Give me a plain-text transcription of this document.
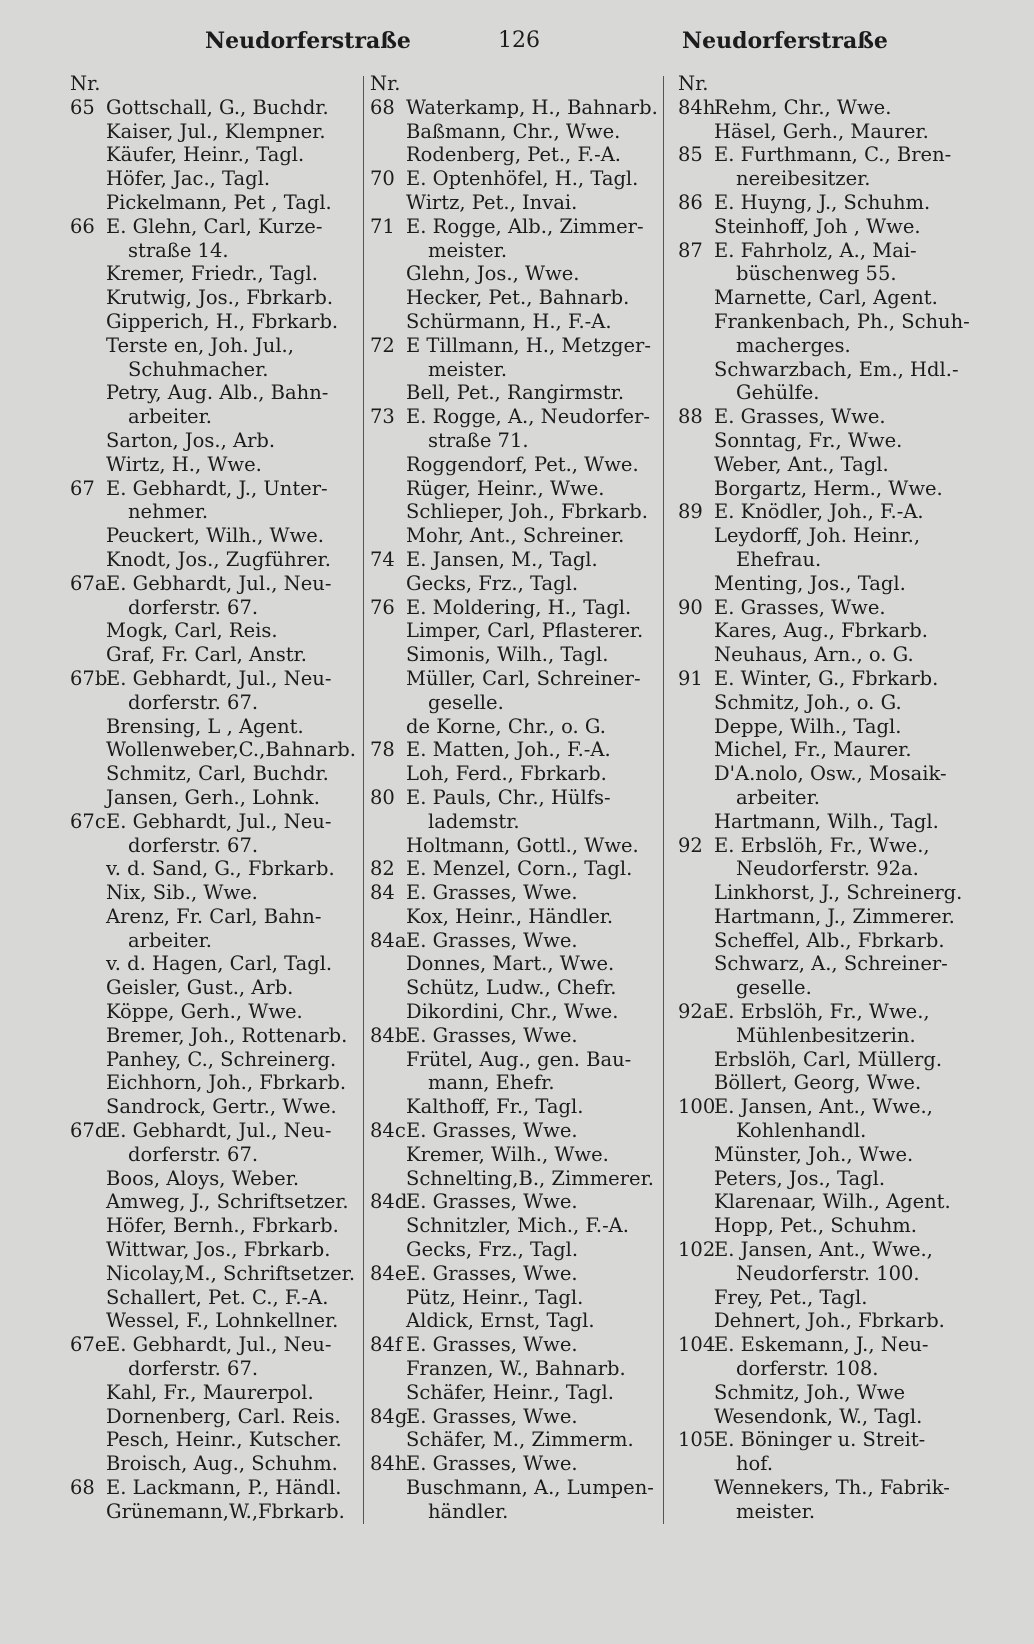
Neudorferstraße	126	Neudorferstraße
Nr.
65 Gottschall, G., Buchdr.
Kaiser, Jul., Klempner.
Käufer, Heinr., Tagl.
Höfer, Jac., Tagl.
Pickelmann, Pet , Tagl.
66 E. Glehn, Carl, Kurze-
straße 14.
Kremer, Friedr., Tagl.
Krutwig, Jos., Fbrkarb.
Gipperich, H., Fbrkarb.
Terste en, Joh. Jul.,
Schuhmacher.
Petry, Aug. Alb., Bahn-
arbeiter.
Sarton, Jos., Arb.
Wirtz, H., Wwe.
67 E. Gebhardt, J., Unter-
nehmer.
Peuckert, Wilh., Wwe.
Knodt, Jos., Zugführer.
67a E. Gebhardt, Jul., Neu-
dorferstr. 67.
Mogk, Carl, Reis.
Graf, Fr. Carl, Anstr.
67b
E. Gebhardt, Jul., Neu-
dorferstr. 67.
Brensing, L , Agent.
Wollenweber,C.,Bahnarb.
Schmitz, Carl, Buchdr.
Jansen, Gerh., Lohnk.
67c E. Gebhardt, Jul., Neu-
dorferstr. 67.
v. d. Sand, G., Fbrkarb.
Nix, Sib., Wwe.
Arenz, Fr. Carl, Bahn-
arbeiter.
v. d. Hagen, Carl, Tagl.
Geisler, Gust., Arb.
Köppe, Gerh., Wwe.
Bremer, Joh., Rottenarb.
Panhey, C., Schreinerg.
Eichhorn, Joh., Fbrkarb.
Sandrock, Gertr., Wwe.
67d
E. Gebhardt, Jul., Neu-
dorferstr. 67.
Boos, Aloys, Weber.
Amweg, J., Schriftsetzer.
Höfer, Bernh., Fbrkarb.
Wittwar, Jos., Fbrkarb.
Nicolay,M., Schriftsetzer.
Schallert, Pet. C., F.-A.
Wessel, F., Lohnkellner.
67e E. Gebhardt, Jul., Neu-
dorferstr. 67.
Kahl, Fr., Maurerpol.
Dornenberg, Carl. Reis.
Pesch, Heinr., Kutscher.
Broisch, Aug., Schuhm.
68 E. Lackmann, P., Händl.
Grünemann,W.,Fbrkarb.
Nr.
68 Waterkamp, H., Bahnarb.
Baßmann, Chr., Wwe.
Rodenberg, Pet., F.-A.
70 E. Optenhöfel, H., Tagl.
Wirtz, Pet., Invai.
71 E. Rogge, Alb., Zimmer-
meister.
Glehn, Jos., Wwe.
Hecker, Pet., Bahnarb.
Schürmann, H., F.-A.
72 E Tillmann, H., Metzger-
meister.
Bell, Pet., Rangirmstr.
73 E. Rogge, A., Neudorfer-
straße 71.
Roggendorf, Pet., Wwe.
Rüger, Heinr., Wwe.
Schlieper, Joh., Fbrkarb.
Mohr, Ant., Schreiner.
74 E. Jansen, M., Tagl.
Gecks, Frz., Tagl.
76 E. Moldering, H., Tagl.
Limper, Carl, Pflasterer.
Simonis, Wilh., Tagl.
Müller, Carl, Schreiner-
geselle.
de Korne, Chr., o. G.
78 E. Matten, Joh., F.-A.
Loh, Ferd., Fbrkarb.
80 E. Pauls, Chr., Hülfs-
lademstr.
Holtmann, Gottl., Wwe.
82 E. Menzel, Corn., Tagl.
84 E. Grasses, Wwe.
Kox, Heinr., Händler.
84a E. Grasses, Wwe.
Donnes, Mart., Wwe.
Schütz, Ludw., Chefr.
Dikordini, Chr., Wwe.
84b
E. Grasses, Wwe.
Frütel, Aug., gen. Bau-
mann, Ehefr.
Kalthoff, Fr., Tagl.
84c E. Grasses, Wwe.
Kremer, Wilh., Wwe.
Schnelting,B., Zimmerer.
84d
E. Grasses, Wwe.
Schnitzler, Mich., F.-A.
Gecks, Frz., Tagl.
84e E. Grasses, Wwe.
Pütz, Heinr., Tagl.
Aldick, Ernst, Tagl.
84f E. Grasses, Wwe.
Franzen, W., Bahnarb.
Schäfer, Heinr., Tagl.
84g
E. Grasses, Wwe.
Schäfer, M., Zimmerm.
84h
E. Grasses, Wwe.
Buschmann, A., Lumpen-
händler.
Nr.
84h
Rehm, Chr., Wwe.
Häsel, Gerh., Maurer.
85 E. Furthmann, C., Bren-
nereibesitzer.
86 E. Huyng, J., Schuhm.
Steinhoff, Joh , Wwe.
87 E. Fahrholz, A., Mai-
büschenweg 55.
Marnette, Carl, Agent.
Frankenbach, Ph., Schuh-
macherges.
Schwarzbach, Em., Hdl.-
Gehülfe.
88 E. Grasses, Wwe.
Sonntag, Fr., Wwe.
Weber, Ant., Tagl.
Borgartz, Herm., Wwe.
89 E. Knödler, Joh., F.-A.
Leydorff, Joh. Heinr.,
Ehefrau.
Menting, Jos., Tagl.
90 E. Grasses, Wwe.
Kares, Aug., Fbrkarb.
Neuhaus, Arn., o. G.
91 E. Winter, G., Fbrkarb.
Schmitz, Joh., o. G.
Deppe, Wilh., Tagl.
Michel, Fr., Maurer.
D'A.nolo, Osw., Mosaik-
arbeiter.
Hartmann, Wilh., Tagl.
92 E. Erbslöh, Fr., Wwe.,
Neudorferstr. 92a.
Linkhorst, J., Schreinerg.
Hartmann, J., Zimmerer.
Scheffel, Alb., Fbrkarb.
Schwarz, A., Schreiner-
geselle.
92a E. Erbslöh, Fr., Wwe.,
Mühlenbesitzerin.
Erbslöh, Carl, Müllerg.
Böllert, Georg, Wwe.
100
E. Jansen, Ant., Wwe.,
Kohlenhandl.
Münster, Joh., Wwe.
Peters, Jos., Tagl.
Klarenaar, Wilh., Agent.
Hopp, Pet., Schuhm.
102
E. Jansen, Ant., Wwe.,
Neudorferstr. 100.
Frey, Pet., Tagl.
Dehnert, Joh., Fbrkarb.
104
E. Eskemann, J., Neu-
dorferstr. 108.
Schmitz, Joh., Wwe
Wesendonk, W., Tagl.
105
E. Böninger u. Streit-
hof.
Wennekers, Th., Fabrik-
meister.
